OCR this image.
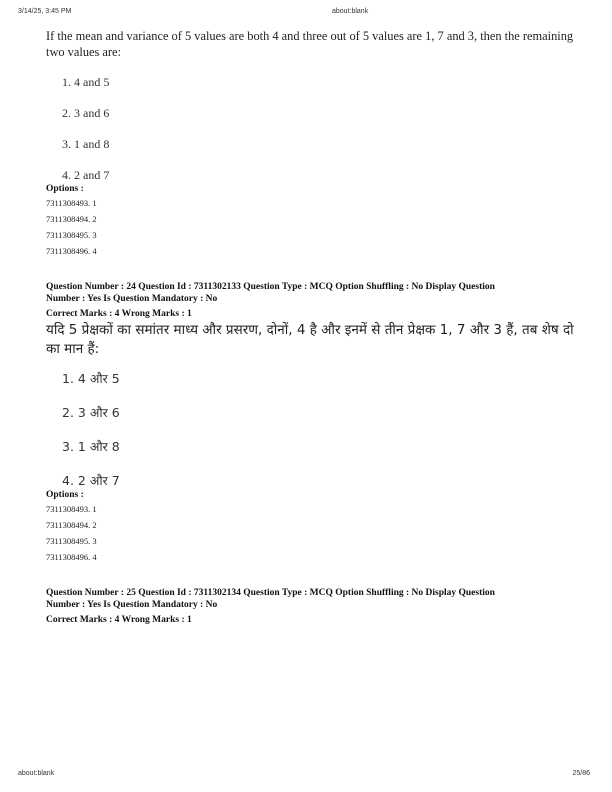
3/14/25, 3:45 PM	about:blank

If the mean and variance of 5 values are both 4 and three out of 5 values are 1, 7 and 3, then the remaining two values are:

1. 4 and 5
2. 3 and 6
3. 1 and 8
4. 2 and 7
Options :
7311308493. 1
7311308494. 2
7311308495. 3
7311308496. 4

Question Number : 24 Question Id : 7311302133 Question Type : MCQ Option Shuffling : No Display Question

Number : Yes Is Question Mandatory : No

Correct Marks : 4 Wrong Marks : 1

यदि 5 प्रेक्षकों का समांतर माध्य और प्रसरण, दोनों, 4 है और इनमें से तीन प्रेक्षक 1, 7 और 3 हैं, तब शेष दो का मान हैं:

1. 4 और 5
2. 3 और 6
3. 1 और 8
4. 2 और 7
Options :
7311308493. 1
7311308494. 2
7311308495. 3
7311308496. 4

Question Number : 25 Question Id : 7311302134 Question Type : MCQ Option Shuffling : No Display Question

Number : Yes Is Question Mandatory : No

Correct Marks : 4 Wrong Marks : 1

about:blank	25/86
